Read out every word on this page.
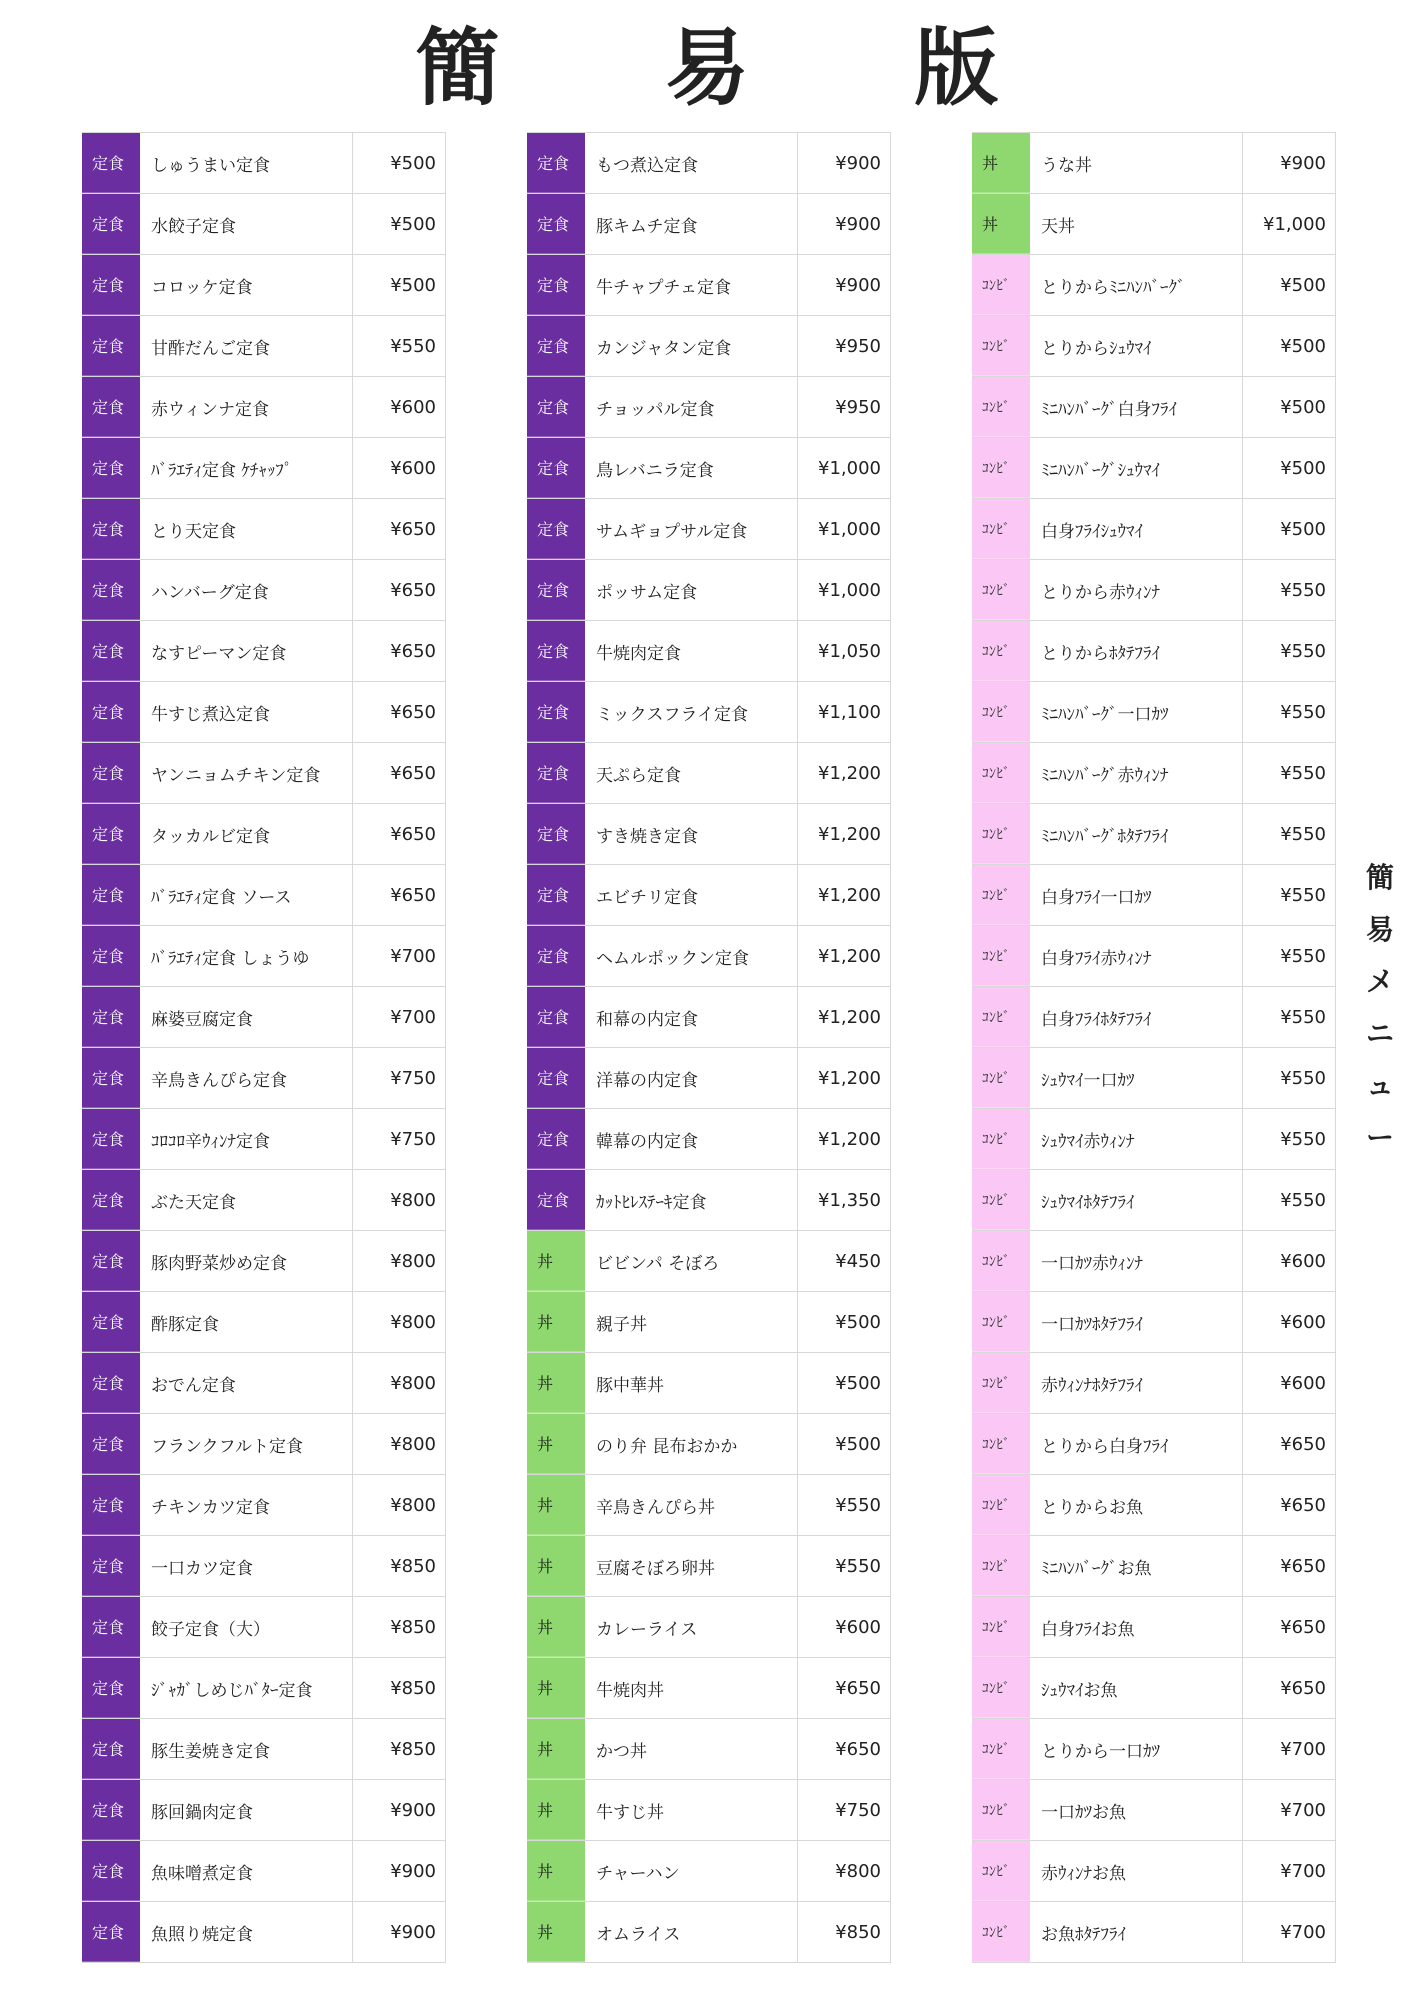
簡 易 版
定食	しゅうまい定食	¥500
定食	水餃子定食	¥500
定食	コロッケ定食	¥500
定食	甘酢だんご定食	¥550
定食	赤ウィンナ定食	¥600
定食	ﾊﾞﾗｴﾃｨ定食 ｹﾁｬｯﾌﾟ	¥600
定食	とり天定食	¥650
定食	ハンバーグ定食	¥650
定食	なすピーマン定食	¥650
定食	牛すじ煮込定食	¥650
定食	ヤンニョムチキン定食	¥650
定食	タッカルビ定食	¥650
定食	ﾊﾞﾗｴﾃｨ定食 ソース	¥650
定食	ﾊﾞﾗｴﾃｨ定食 しょうゆ	¥700
定食	麻婆豆腐定食	¥700
定食	辛鳥きんぴら定食	¥750
定食	ｺﾛｺﾛ辛ｳｨﾝﾅ定食	¥750
定食	ぶた天定食	¥800
定食	豚肉野菜炒め定食	¥800
定食	酢豚定食	¥800
定食	おでん定食	¥800
定食	フランクフルト定食	¥800
定食	チキンカツ定食	¥800
定食	一口カツ定食	¥850
定食	餃子定食（大）	¥850
定食	ｼﾞｬｶﾞしめじﾊﾞﾀｰ定食	¥850
定食	豚生姜焼き定食	¥850
定食	豚回鍋肉定食	¥900
定食	魚味噌煮定食	¥900
定食	魚照り焼定食	¥900
定食	もつ煮込定食	¥900
定食	豚キムチ定食	¥900
定食	牛チャプチェ定食	¥900
定食	カンジャタン定食	¥950
定食	チョッパル定食	¥950
定食	鳥レバニラ定食	¥1,000
定食	サムギョプサル定食	¥1,000
定食	ポッサム定食	¥1,000
定食	牛焼肉定食	¥1,050
定食	ミックスフライ定食	¥1,100
定食	天ぷら定食	¥1,200
定食	すき焼き定食	¥1,200
定食	エビチリ定食	¥1,200
定食	ヘムルポックン定食	¥1,200
定食	和幕の内定食	¥1,200
定食	洋幕の内定食	¥1,200
定食	韓幕の内定食	¥1,200
定食	ｶｯﾄﾋﾚｽﾃｰｷ定食	¥1,350
丼	ビビンパ そぼろ	¥450
丼	親子丼	¥500
丼	豚中華丼	¥500
丼	のり弁 昆布おかか	¥500
丼	辛鳥きんぴら丼	¥550
丼	豆腐そぼろ卵丼	¥550
丼	カレーライス	¥600
丼	牛焼肉丼	¥650
丼	かつ丼	¥650
丼	牛すじ丼	¥750
丼	チャーハン	¥800
丼	オムライス	¥850
丼	うな丼	¥900
丼	天丼	¥1,000
ｺﾝﾋﾞ	とりからﾐﾆﾊﾝﾊﾞｰｸﾞ	¥500
ｺﾝﾋﾞ	とりからｼｭｳﾏｲ	¥500
ｺﾝﾋﾞ	ﾐﾆﾊﾝﾊﾞｰｸﾞ白身ﾌﾗｲ	¥500
ｺﾝﾋﾞ	ﾐﾆﾊﾝﾊﾞｰｸﾞｼｭｳﾏｲ	¥500
ｺﾝﾋﾞ	白身ﾌﾗｲｼｭｳﾏｲ	¥500
ｺﾝﾋﾞ	とりから赤ｳｨﾝﾅ	¥550
ｺﾝﾋﾞ	とりからﾎﾀﾃﾌﾗｲ	¥550
ｺﾝﾋﾞ	ﾐﾆﾊﾝﾊﾞｰｸﾞ一口ｶﾂ	¥550
ｺﾝﾋﾞ	ﾐﾆﾊﾝﾊﾞｰｸﾞ赤ｳｨﾝﾅ	¥550
ｺﾝﾋﾞ	ﾐﾆﾊﾝﾊﾞｰｸﾞﾎﾀﾃﾌﾗｲ	¥550
ｺﾝﾋﾞ	白身ﾌﾗｲ一口ｶﾂ	¥550
ｺﾝﾋﾞ	白身ﾌﾗｲ赤ｳｨﾝﾅ	¥550
ｺﾝﾋﾞ	白身ﾌﾗｲﾎﾀﾃﾌﾗｲ	¥550
ｺﾝﾋﾞ	ｼｭｳﾏｲ一口ｶﾂ	¥550
ｺﾝﾋﾞ	ｼｭｳﾏｲ赤ｳｨﾝﾅ	¥550
ｺﾝﾋﾞ	ｼｭｳﾏｲﾎﾀﾃﾌﾗｲ	¥550
ｺﾝﾋﾞ	一口ｶﾂ赤ｳｨﾝﾅ	¥600
ｺﾝﾋﾞ	一口ｶﾂﾎﾀﾃﾌﾗｲ	¥600
ｺﾝﾋﾞ	赤ｳｨﾝﾅﾎﾀﾃﾌﾗｲ	¥600
ｺﾝﾋﾞ	とりから白身ﾌﾗｲ	¥650
ｺﾝﾋﾞ	とりからお魚	¥650
ｺﾝﾋﾞ	ﾐﾆﾊﾝﾊﾞｰｸﾞお魚	¥650
ｺﾝﾋﾞ	白身ﾌﾗｲお魚	¥650
ｺﾝﾋﾞ	ｼｭｳﾏｲお魚	¥650
ｺﾝﾋﾞ	とりから一口ｶﾂ	¥700
ｺﾝﾋﾞ	一口ｶﾂお魚	¥700
ｺﾝﾋﾞ	赤ｳｨﾝﾅお魚	¥700
ｺﾝﾋﾞ	お魚ﾎﾀﾃﾌﾗｲ	¥700
簡
易
メ
ニ
ュ
ー
